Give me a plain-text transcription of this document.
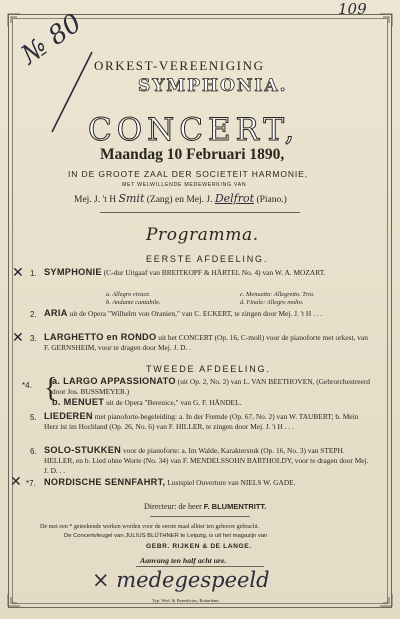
109
№ 80 ORKEST-VEREENIGING
SYMPHONIA.
CONCERT,
Maandag 10 Februari 1890,
IN DE GROOTE ZAAL DER SOCIETEIT HARMONIE,
MET WELWILLENDE MEDEWERKING VAN
Mej. J. 't H Smit (Zang) en Mej. J. Delfrot (Piano.)
Programma.
EERSTE AFDEELING.
✕ 1. SYMPHONIE (C-dur Uitgaaf van BREITKOPF & HÄRTEL No. 4) van W. A. MOZART.
a. Allegro vivace.
b. Andante cantabile.
c. Menuetto: Allegretto. Trio.
d. Finale: Allegro molto.
2. ARIA uit de Opera "Wilhelm von Oranien," van C. ECKERT, te zingen door Mej. J. 't H . . .
✕ 3. LARGHETTO en RONDO uit het CONCERT (Op. 16, C-moll) voor de pianoforte met orkest, van F. GERNSHEIM, voor te dragen door Mej. J. D. .
TWEEDE AFDEELING.
*4. a. LARGO APPASSIONATO (uit Op. 2, No. 2) van L. VAN BEETHOVEN, (Gebrorchestreerd door Jos. BUSSMEYER.)
{
b. MENUET uit de Opera "Berenice," van G. F. HÄNDEL.
5. LIEDEREN met pianoforte-begeleiding: a. In der Fremde (Op. 67, No. 2) van W. TAUBERT; b. Mein Herz ist im Hochland (Op. 26, No. 6) van F. HILLER, te zingen door Mej. J. 't H . . .
6. SOLO-STUKKEN voor de pianoforte: a. Im Walde, Karakterstuk (Op. 16, No. 3) van STEPH. HELLER, en b. Lied ohne Worte (No. 34) van F. MENDELSSOHN BARTHOLDY, voor te dragen door Mej. J. D. . .
✕ *7. NORDISCHE SENNFAHRT, Lustspiel Ouverture van NIELS W. GADE.
Directeur: de heer F. BLUMENTRITT.
De met een * geteekende werken worden voor de eerste maal alhier ten gehoore gebracht.
De Concertvleugel van JULIUS BLÜTHNER te Leipzig, is uit het magazijn van
GEBR. RIJKEN & DE LANGE.
Aanvang ten half acht ure.
× medegespeeld
Typ. Wed. & Benedictus, Rotterdam
